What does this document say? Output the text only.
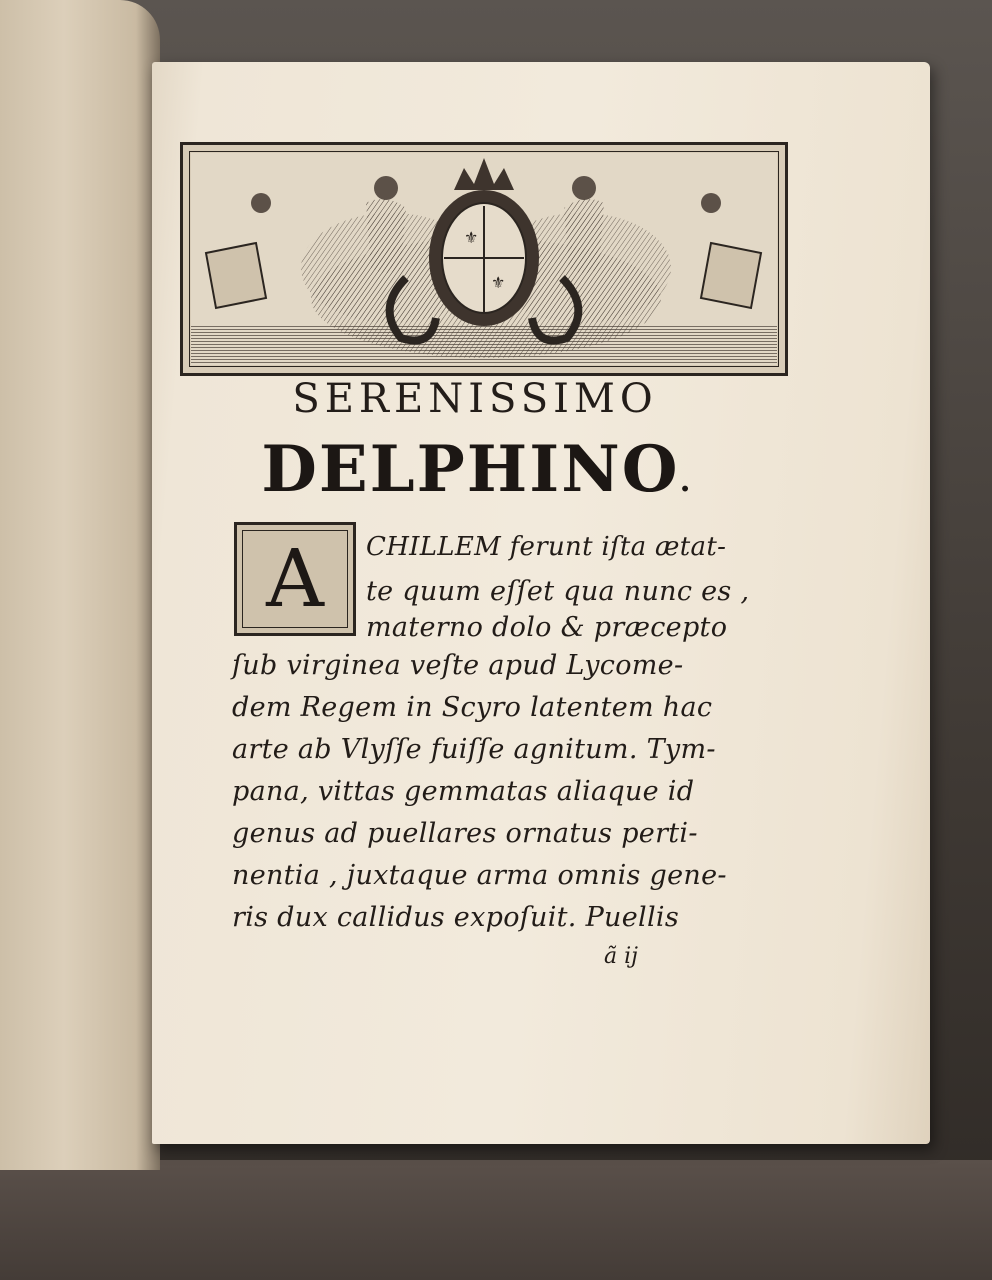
⚜
⚜
SERENISSIMO
DELPHINO.
A	CHILLEM ferunt iſta ætat-
te quum eſſet qua nunc es ,
materno dolo & præcepto
ſub virginea veſte apud Lycome-
dem Regem in Scyro latentem hac
arte ab Vlyſſe fuiſſe agnitum. Tym-
pana, vittas gemmatas aliaque id
genus ad puellares ornatus perti-
nentia , juxtaque arma omnis gene-
ris dux callidus expoſuit. Puellis
ã ij
